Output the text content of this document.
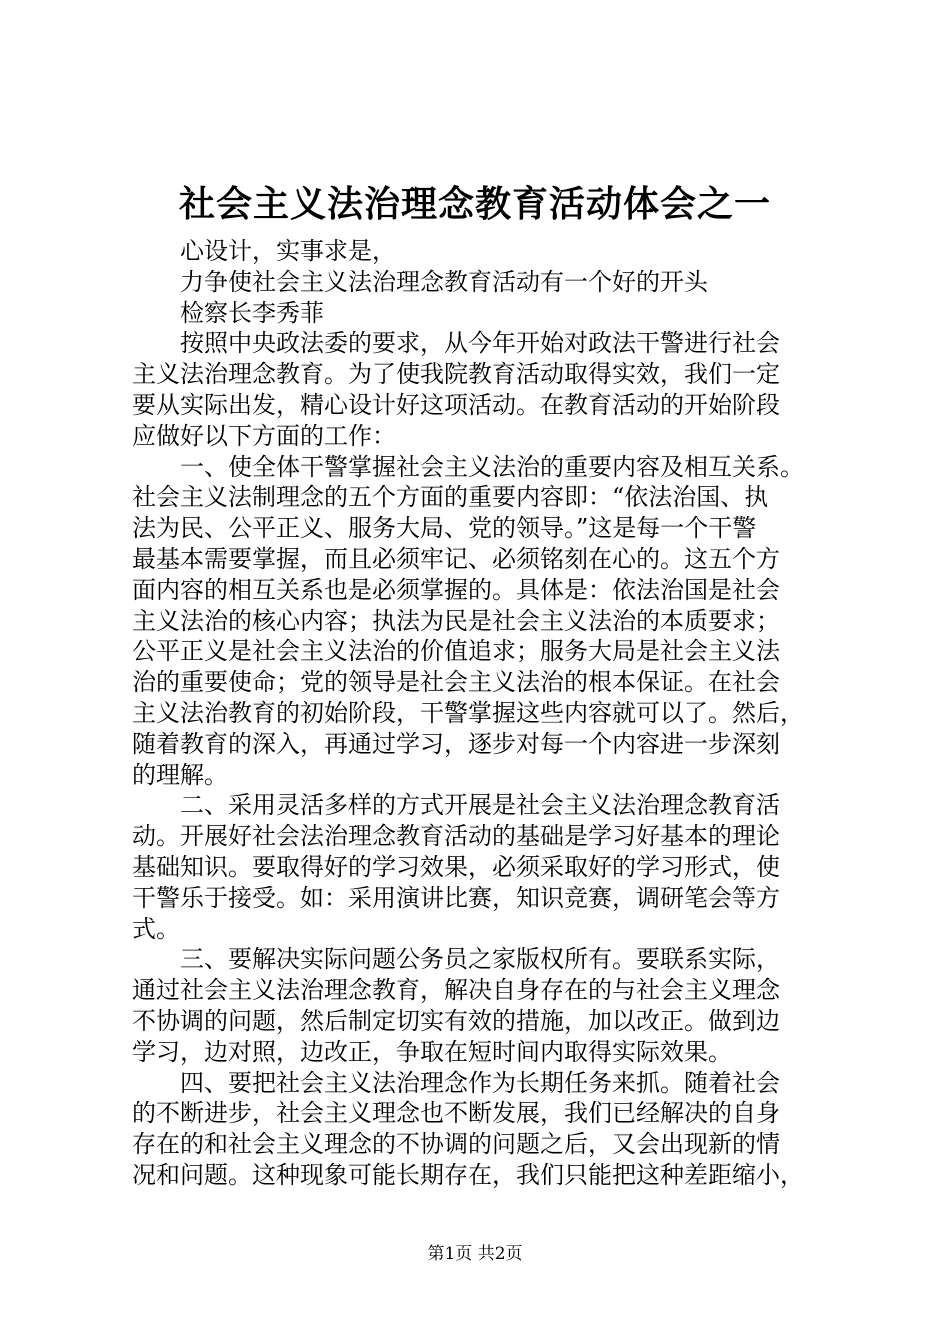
社会主义法治理念教育活动体会之一
心设计，实事求是，
力争使社会主义法治理念教育活动有一个好的开头
检察长李秀菲
按照中央政法委的要求，从今年开始对政法干警进行社会
主义法治理念教育。为了使我院教育活动取得实效，我们一定
要从实际出发，精心设计好这项活动。在教育活动的开始阶段
应做好以下方面的工作：
一、使全体干警掌握社会主义法治的重要内容及相互关系。
社会主义法制理念的五个方面的重要内容即：“依法治国、执
法为民、公平正义、服务大局、党的领导。”这是每一个干警
最基本需要掌握，而且必须牢记、必须铭刻在心的。这五个方
面内容的相互关系也是必须掌握的。具体是：依法治国是社会
主义法治的核心内容；执法为民是社会主义法治的本质要求；
公平正义是社会主义法治的价值追求；服务大局是社会主义法
治的重要使命；党的领导是社会主义法治的根本保证。在社会
主义法治教育的初始阶段，干警掌握这些内容就可以了。然后，
随着教育的深入，再通过学习，逐步对每一个内容进一步深刻
的理解。
二、采用灵活多样的方式开展是社会主义法治理念教育活
动。开展好社会法治理念教育活动的基础是学习好基本的理论
基础知识。要取得好的学习效果，必须采取好的学习形式，使
干警乐于接受。如：采用演讲比赛，知识竞赛，调研笔会等方
式。
三、要解决实际问题公务员之家版权所有。要联系实际，
通过社会主义法治理念教育，解决自身存在的与社会主义理念
不协调的问题，然后制定切实有效的措施，加以改正。做到边
学习，边对照，边改正，争取在短时间内取得实际效果。
四、要把社会主义法治理念作为长期任务来抓。随着社会
的不断进步，社会主义理念也不断发展，我们已经解决的自身
存在的和社会主义理念的不协调的问题之后，又会出现新的情
况和问题。这种现象可能长期存在，我们只能把这种差距缩小，
第1页 共2页
